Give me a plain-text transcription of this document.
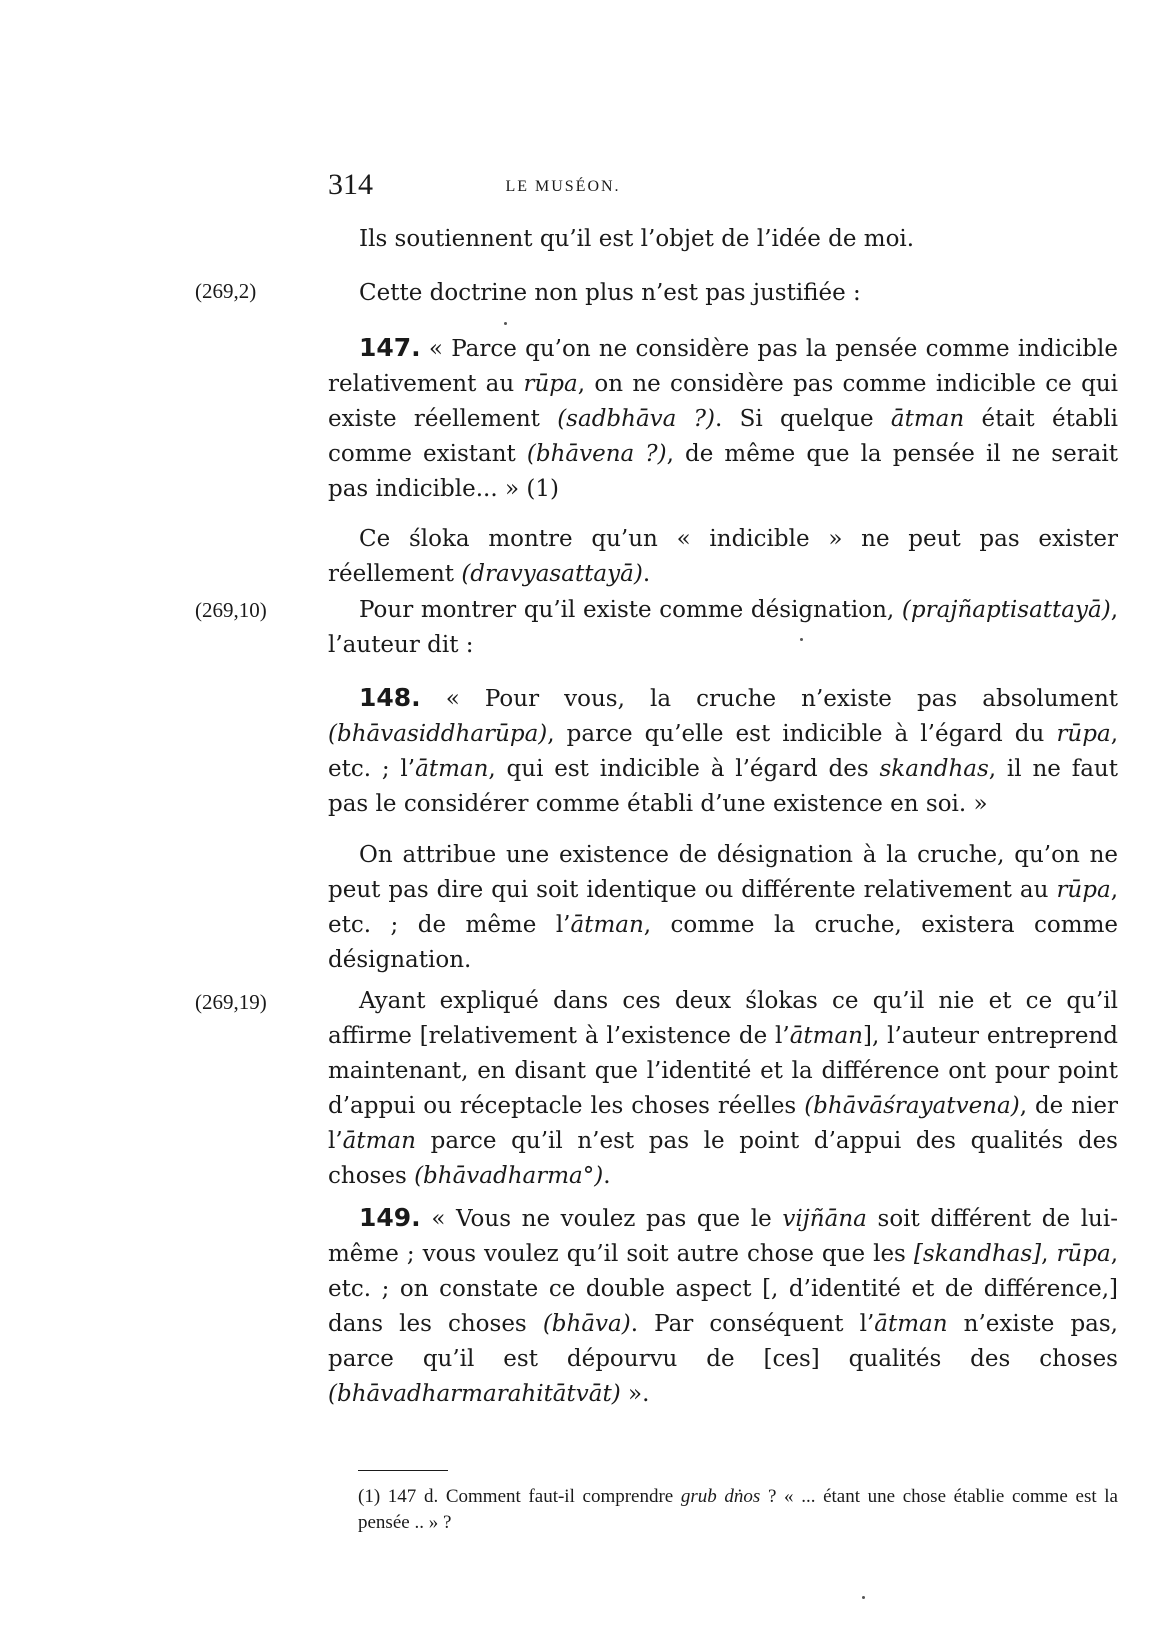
314	LE MUSÉON.
Ils soutiennent qu’il est l’objet de l’idée de moi.
(269,2)	Cette doctrine non plus n’est pas justifiée :
147. « Parce qu’on ne considère pas la pensée comme indicible relativement au rūpa, on ne considère pas comme indicible ce qui existe réellement (sadbhāva ?). Si quelque ātman était établi comme existant (bhāvena ?), de même que la pensée il ne serait pas indicible... » (1)
Ce śloka montre qu’un « indicible » ne peut pas exister réellement (dravyasattayā).
(269,10)	Pour montrer qu’il existe comme désignation, (prajñaptisattayā), l’auteur dit :
148. « Pour vous, la cruche n’existe pas absolument (bhāvasiddharūpa), parce qu’elle est indicible à l’égard du rūpa, etc. ; l’ātman, qui est indicible à l’égard des skandhas, il ne faut pas le considérer comme établi d’une existence en soi. »
On attribue une existence de désignation à la cruche, qu’on ne peut pas dire qui soit identique ou différente relativement au rūpa, etc. ; de même l’ātman, comme la cruche, existera comme désignation.
(269,19)	Ayant expliqué dans ces deux ślokas ce qu’il nie et ce qu’il affirme [relativement à l’existence de l’ātman], l’auteur entreprend maintenant, en disant que l’identité et la différence ont pour point d’appui ou réceptacle les choses réelles (bhāvāśrayatvena), de nier l’ātman parce qu’il n’est pas le point d’appui des qualités des choses (bhāvadharma°).
149. « Vous ne voulez pas que le vijñāna soit différent de lui-même ; vous voulez qu’il soit autre chose que les [skandhas], rūpa, etc. ; on constate ce double aspect [, d’identité et de différence,] dans les choses (bhāva). Par conséquent l’ātman n’existe pas, parce qu’il est dépourvu de [ces] qualités des choses (bhāvadharmarahitātvāt) ».
(1) 147 d. Comment faut-il comprendre grub dṅos ? « ... étant une chose établie comme est la pensée .. » ?
